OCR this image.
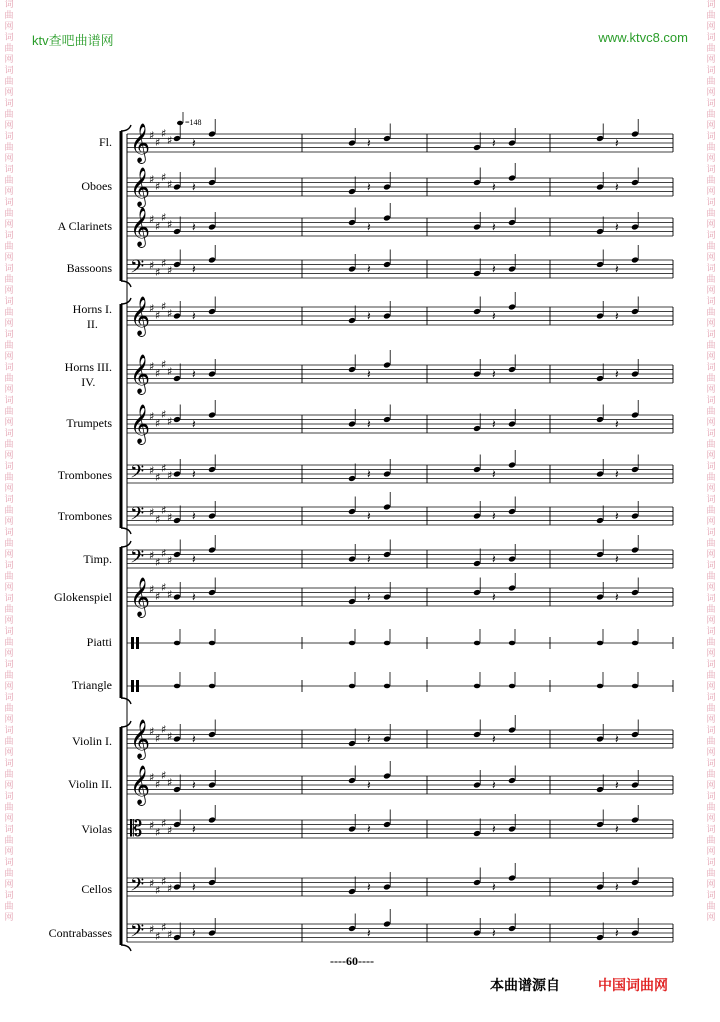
词曲网词曲网词曲网词曲网词曲网词曲网词曲网词曲网词曲网词曲网词曲网词曲网词曲网词曲网词曲网词曲网词曲网词曲网词曲网词曲网词曲网词曲网词曲网词曲网词曲网词曲网词曲网词曲网
词曲网词曲网词曲网词曲网词曲网词曲网词曲网词曲网词曲网词曲网词曲网词曲网词曲网词曲网词曲网词曲网词曲网词曲网词曲网词曲网词曲网词曲网词曲网词曲网词曲网词曲网词曲网词曲网
ktv查吧曲谱网	www.ktvc8.com
𝄞
♯
♯
♯
♯ 𝄽	𝄽	𝄽	𝄽
𝄞
♯
♯
♯
♯ 𝄽	𝄽	𝄽	𝄽
𝄞
♯
♯
♯
♯ 𝄽	𝄽	𝄽	𝄽
𝄢 ♯
♯
♯
♯ 𝄽	𝄽	𝄽	𝄽
𝄞
♯
♯
♯
♯ 𝄽	𝄽	𝄽	𝄽
𝄞
♯
♯
♯
♯ 𝄽	𝄽	𝄽	𝄽
𝄞
♯
♯
♯
♯ 𝄽	𝄽	𝄽	𝄽
𝄢 ♯
♯
♯
♯ 𝄽	𝄽	𝄽	𝄽
𝄢 ♯
♯
♯
♯ 𝄽	𝄽	𝄽	𝄽
𝄢 ♯
♯
♯
♯ 𝄽	𝄽	𝄽	𝄽
𝄞
♯
♯
♯
♯ 𝄽	𝄽	𝄽	𝄽
𝄞
♯
♯
♯
♯ 𝄽	𝄽	𝄽	𝄽
𝄞
♯
♯
♯
♯ 𝄽	𝄽	𝄽	𝄽
𝄡 ♯
♯
♯
♯ 𝄽	𝄽	𝄽	𝄽
𝄢 ♯
♯
♯
♯ 𝄽	𝄽	𝄽	𝄽
𝄢 ♯
♯
♯
♯ 𝄽	𝄽	𝄽	𝄽
=148
Fl.
Oboes
A Clarinets
Bassoons
Horns I.
II.
Horns III.
IV.
Trumpets
Trombones
Trombones
Timp.
Glokenspiel
Piatti
Triangle
Violin I.
Violin II.
Violas
Cellos
Contrabasses
----60----
本曲谱源自	中国词曲网
